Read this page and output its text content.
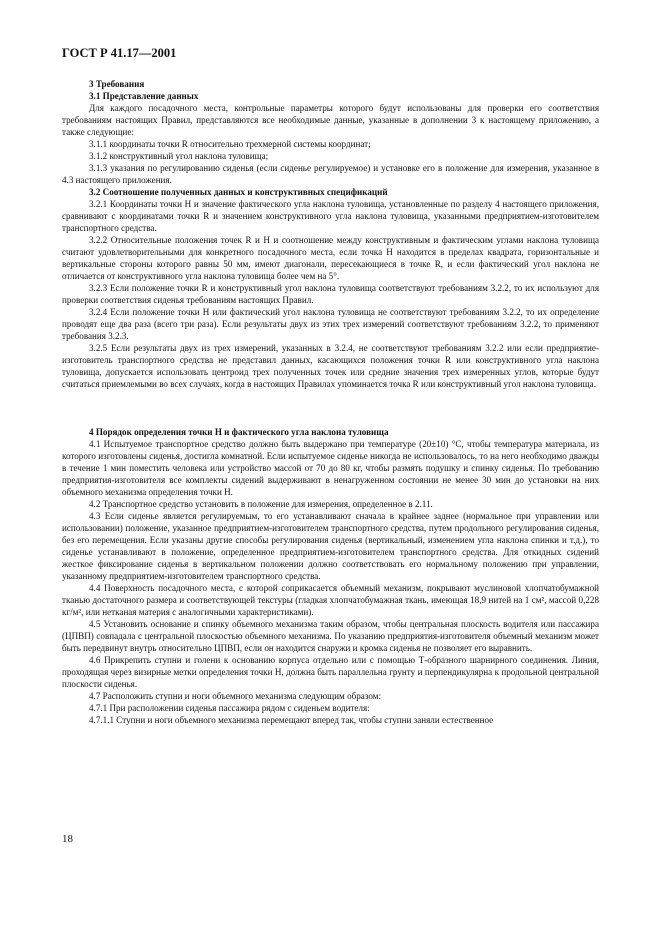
ГОСТ Р 41.17—2001

3 Требования

3.1 Представление данных

Для каждого посадочного места, контрольные параметры которого будут использованы для проверки его соответствия требованиям настоящих Правил, представляются все необходимые данные, указанные в дополнении 3 к настоящему приложению, а также следующие:

3.1.1 координаты точки R относительно трехмерной системы координат;

3.1.2 конструктивный угол наклона туловища;

3.1.3 указания по регулированию сиденья (если сиденье регулируемое) и установке его в положение для измерения, указанное в 4.3 настоящего приложения.

3.2 Соотношение полученных данных и конструктивных спецификаций

3.2.1 Координаты точки H и значение фактического угла наклона туловища, установленные по разделу 4 настоящего приложения, сравнивают с координатами точки R и значением конструктивного угла наклона туловища, указанными предприятием-изготовителем транспортного средства.

3.2.2 Относительные положения точек R и H и соотношение между конструктивным и фактическим углами наклона туловища считают удовлетворительными для конкретного посадочного места, если точка H находится в пределах квадрата, горизонтальные и вертикальные стороны которого равны 50 мм, имеют диагонали, пересекающиеся в точке R, и если фактический угол наклона не отличается от конструктивного угла наклона туловища более чем на 5°.

3.2.3 Если положение точки R и конструктивный угол наклона туловища соответствуют требованиям 3.2.2, то их используют для проверки соответствия сиденья требованиям настоящих Правил.

3.2.4 Если положение точки H или фактический угол наклона туловища не соответствуют требованиям 3.2.2, то их определение проводят еще два раза (всего три раза). Если результаты двух из этих трех измерений соответствуют требованиям 3.2.2, то применяют требования 3.2.3.

3.2.5 Если результаты двух из трех измерений, указанных в 3.2.4, не соответствуют требованиям 3.2.2 или если предприятие-изготовитель транспортного средства не представил данных, касающихся положения точки R или конструктивного угла наклона туловища, допускается использовать центроид трех полученных точек или средние значения трех измеренных углов, которые будут считаться приемлемыми во всех случаях, когда в настоящих Правилах упоминается точка R или конструктивный угол наклона туловища.

4 Порядок определения точки H и фактического угла наклона туловища

4.1 Испытуемое транспортное средство должно быть выдержано при температуре (20±10) °С, чтобы температура материала, из которого изготовлены сиденья, достигла комнатной. Если испытуемое сиденье никогда не использовалось, то на него необходимо дважды в течение 1 мин поместить человека или устройство массой от 70 до 80 кг, чтобы размять подушку и спинку сиденья. По требованию предприятия-изготовителя все комплекты сидений выдерживают в ненагруженном состоянии не менее 30 мин до установки на них объемного механизма определения точки H.

4.2 Транспортное средство установить в положение для измерения, определенное в 2.11.

4.3 Если сиденье является регулируемым, то его устанавливают сначала в крайнее заднее (нормальное при управлении или использовании) положение, указанное предприятием-изготовителем транспортного средства, путем продольного регулирования сиденья, без его перемещения. Если указаны другие способы регулирования сиденья (вертикальный, изменением угла наклона спинки и т.д.), то сиденье устанавливают в положение, определенное предприятием-изготовителем транспортного средства. Для откидных сидений жесткое фиксирование сиденья в вертикальном положении должно соответствовать его нормальному положению при управлении, указанному предприятием-изготовителем транспортного средства.

4.4 Поверхность посадочного места, с которой соприкасается объемный механизм, покрывают муслиновой хлопчатобумажной тканью достаточного размера и соответствующей текстуры (гладкая хлопчатобумажная ткань, имеющая 18,9 нитей на 1 см², массой 0,228 кг/м², или нетканая материя с аналогичными характеристиками).

4.5 Установить основание и спинку объемного механизма таким образом, чтобы центральная плоскость водителя или пассажира (ЦПВП) совпадала с центральной плоскостью объемного механизма. По указанию предприятия-изготовителя объемный механизм может быть передвинут внутрь относительно ЦПВП, если он находится снаружи и кромка сиденья не позволяет его выравнить.

4.6 Прикрепить ступни и голени к основанию корпуса отдельно или с помощью Т-образного шарнирного соединения. Линия, проходящая через визирные метки определения точки H, должна быть параллельна грунту и перпендикулярна к продольной центральной плоскости сиденья.

4.7 Расположить ступни и ноги объемного механизма следующим образом:

4.7.1 При расположении сиденья пассажира рядом с сиденьем водителя:

4.7.1.1 Ступни и ноги объемного механизма перемещают вперед так, чтобы ступни заняли естественное

18
